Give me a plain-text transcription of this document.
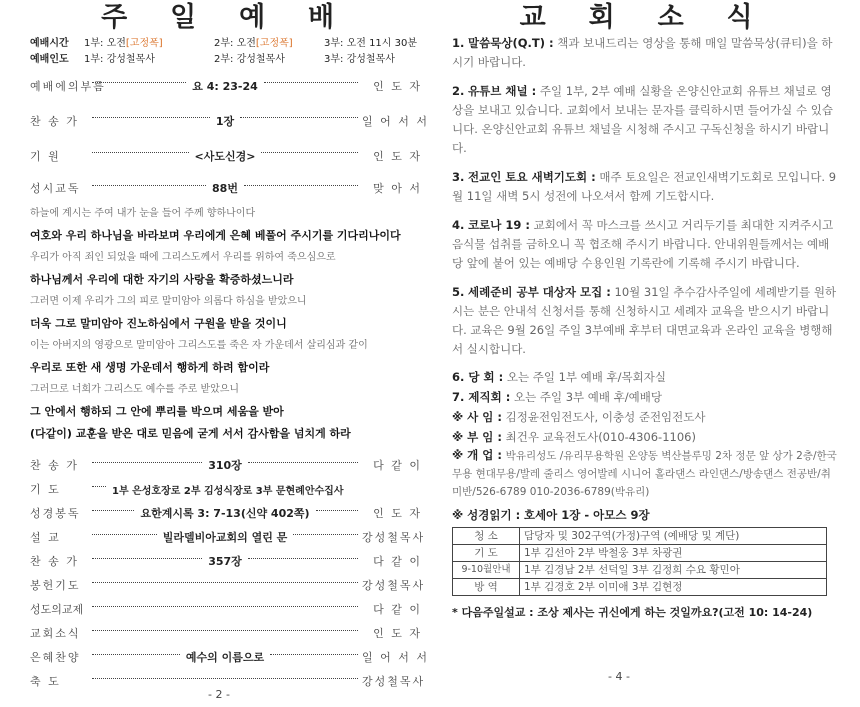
주 일 예 배
예배시간	1부: 오전[고정폭]	2부: 오전[고정폭]	3부: 오전 11시 30분
예배인도	1부: 강성철목사	2부: 강성철목사	3부: 강성철목사
예배에의부름	요 4: 23-24	인 도 자
찬 송 가	1장	일 어 서 서
기 원	<사도신경>	인 도 자
성시교독	88번	맞 아 서
하늘에 계시는 주여 내가 눈을 들어 주께 향하나이다
여호와 우리 하나님을 바라보며 우리에게 은혜 베풀어 주시기를 기다리나이다
우리가 아직 죄인 되었을 때에 그리스도께서 우리를 위하여 죽으심으로
하나님께서 우리에 대한 자기의 사랑을 확증하셨느니라
그러면 이제 우리가 그의 피로 말미암아 의롭다 하심을 받았으니
더욱 그로 말미암아 진노하심에서 구원을 받을 것이니
이는 아버지의 영광으로 말미암아 그리스도를 죽은 자 가운데서 살리심과 같이
우리로 또한 새 생명 가운데서 행하게 하려 함이라
그러므로 너희가 그리스도 예수를 주로 받았으니
그 안에서 행하되 그 안에 뿌리를 박으며 세움을 받아
(다같이) 교훈을 받은 대로 믿음에 굳게 서서 감사함을 넘치게 하라
찬 송 가	310장	다 같 이
기 도	1부 은성호장로 2부 김성식장로 3부 문현례안수집사
성경봉독	요한계시록 3: 7-13(신약 402쪽)	인 도 자
설 교	빌라델비아교회의 열린 문	강성철목사
찬 송 가	357장	다 같 이
봉헌기도	강성철목사
성도의교제	다 같 이
교회소식	인 도 자
은혜찬양	예수의 이름으로	일 어 서 서
축 도	강성철목사
- 2 -
교 회 소 식

1. 말씀묵상(Q.T) : 책과 보내드리는 영상을 통해 매일 말씀묵상(큐티)을 하시기 바랍니다.

2. 유튜브 채널 : 주일 1부, 2부 예배 실황을 온양신안교회 유튜브 채널로 영상을 보내고 있습니다. 교회에서 보내는 문자를 클릭하시면 들어가실 수 있습니다. 온양신안교회 유튜브 채널을 시청해 주시고 구독신청을 하시기 바랍니다.

3. 전교인 토요 새벽기도회 : 매주 토요일은 전교인새벽기도회로 모입니다. 9월 11일 새벽 5시 성전에 나오셔서 함께 기도합시다.

4. 코로나 19 : 교회에서 꼭 마스크를 쓰시고 거리두기를 최대한 지켜주시고 음식물 섭취를 금하오니 꼭 협조해 주시기 바랍니다. 안내위원들께서는 예배당 앞에 붙어 있는 예배당 수용인원 기록란에 기록해 주시기 바랍니다.

5. 세례준비 공부 대상자 모집 : 10월 31일 추수감사주일에 세례받기를 원하시는 분은 안내석 신청서를 통해 신청하시고 세례자 교육을 받으시기 바랍니다. 교육은 9월 26일 주일 3부예배 후부터 대면교육과 온라인 교육을 병행해서 실시합니다.

6. 당 회 : 오는 주일 1부 예배 후/목회자실
7. 제직회 : 오는 주일 3부 예배 후/예배당
※ 사 임 : 김정윤전임전도사, 이충성 준전임전도사
※ 부 임 : 최건우 교육전도사(010-4306-1106)
※ 개 업 : 박유리성도 /유리무용학원 온양동 벽산블루밍 2차 정문 앞 상가 2층/한국무용 현대무용/발레 줄리스 영어발레 시니어 홀라댄스 라인댄스/방송댄스 전공반/취미반/526-6789 010-2036-6789(박유리)
※ 성경읽기 : 호세아 1장 - 아모스 9장
청 소	담당자 및 302구역(가정)구역 (예배당 및 계단)
기 도	1부 김선아 2부 박철웅 3부 차광권
9-10월안내	1부 김경남 2부 선덕일 3부 김정희 수요 황민아
방 역	1부 김경호 2부 이미애 3부 김현정
* 다음주일설교 : 조상 제사는 귀신에게 하는 것일까요?(고전 10: 14-24)
- 4 -
